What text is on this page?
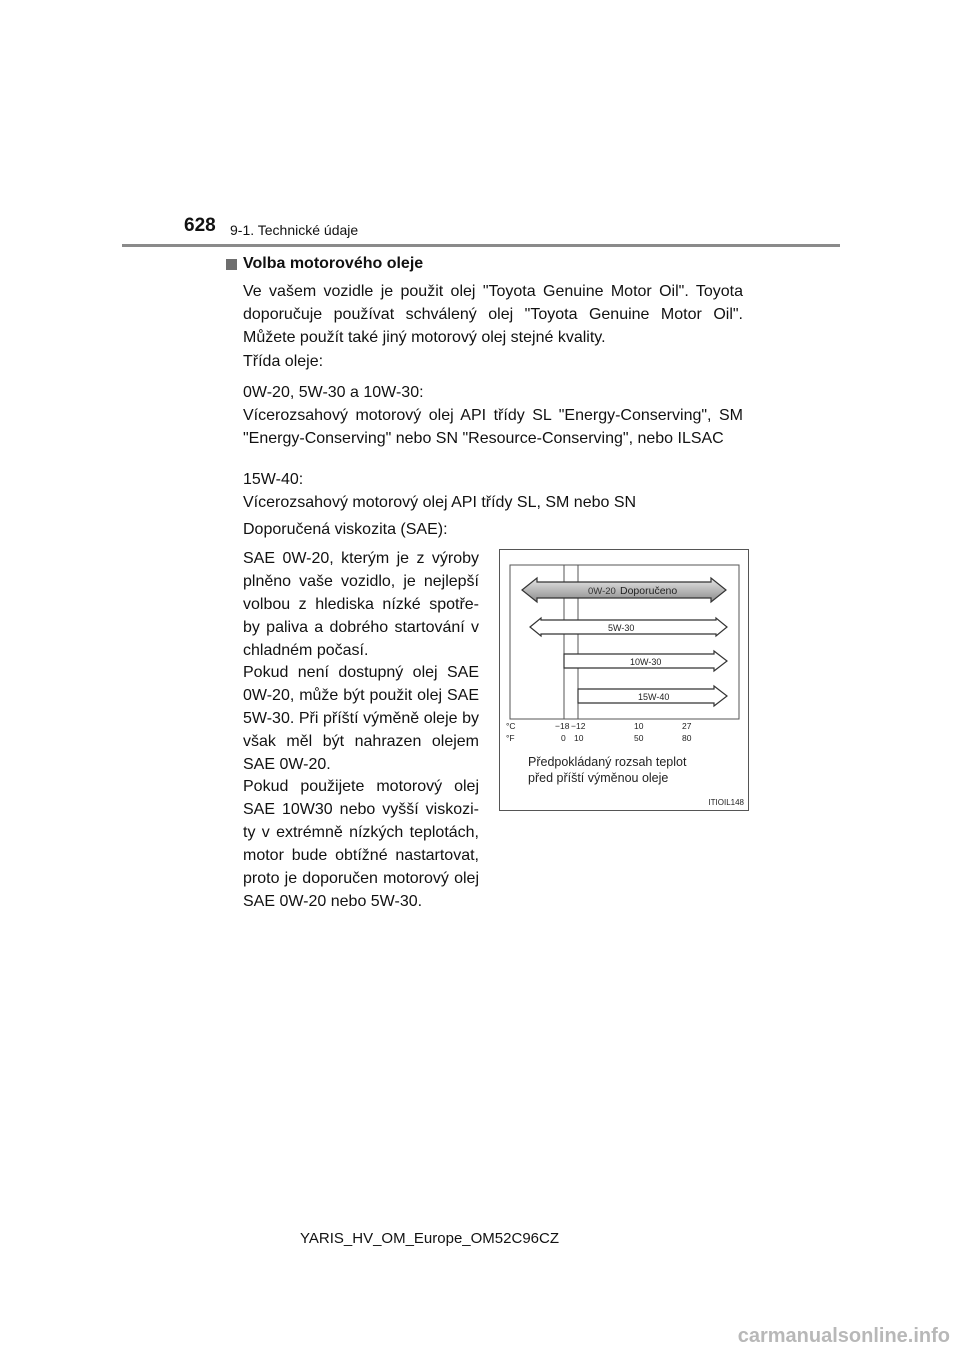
628 9-1. Technické údaje
Volba motorového oleje
Ve vašem vozidle je použit olej "Toyota Genuine Motor Oil". Toyota doporučuje používat schválený olej "Toyota Genuine Motor Oil". Můžete použít také jiný motorový olej stejné kvality.
Třída oleje:
0W-20, 5W-30 a 10W-30:
Vícerozsahový motorový olej API třídy SL "Energy-Conserving", SM "Energy-Conserving" nebo SN "Resource-Conserving", nebo ILSAC
15W-40:
Vícerozsahový motorový olej API třídy SL, SM nebo SN
Doporučená viskozita (SAE):
SAE 0W-20, kterým je z výroby plněno vaše vozidlo, je nejlepší volbou z hlediska nízké spotře-by paliva a dobrého startování v chladném počasí.
Pokud není dostupný olej SAE 0W-20, může být použit olej SAE 5W-30. Při příští výměně oleje by však měl být nahrazen olejem SAE 0W-20.
Pokud použijete motorový olej SAE 10W30 nebo vyšší viskozi-ty v extrémně nízkých teplotách, motor bude obtížné nastartovat, proto je doporučen motorový olej SAE 0W-20 nebo 5W-30.
0W-20 Doporučeno
5W-30
10W-30
15W-40
°C
°F
−18 −12	10	27
0 10	50	80
Předpokládaný rozsah teplot
před příští výměnou oleje
ITIOIL148
YARIS_HV_OM_Europe_OM52C96CZ
carmanualsonline.info
